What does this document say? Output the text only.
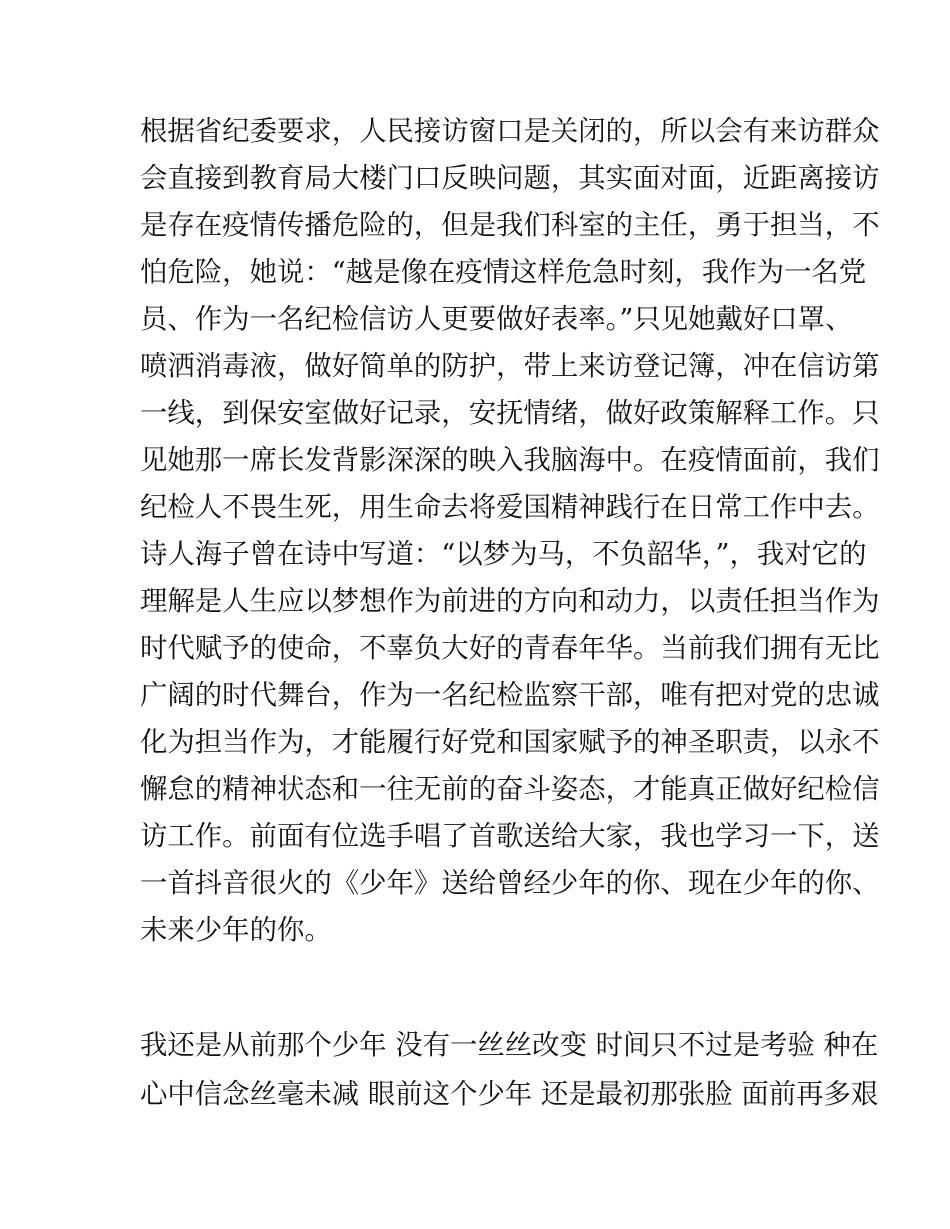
根据省纪委要求，人民接访窗口是关闭的，所以会有来访群众
会直接到教育局大楼门口反映问题，其实面对面，近距离接访
是存在疫情传播危险的，但是我们科室的主任，勇于担当，不
怕危险，她说：“越是像在疫情这样危急时刻，我作为一名党
员、作为一名纪检信访人更要做好表率。”只见她戴好口罩、
喷洒消毒液，做好简单的防护，带上来访登记簿，冲在信访第
一线，到保安室做好记录，安抚情绪，做好政策解释工作。只
见她那一席长发背影深深的映入我脑海中。在疫情面前，我们
纪检人不畏生死，用生命去将爱国精神践行在日常工作中去。
诗人海子曾在诗中写道：“以梦为马，不负韶华，”，我对它的
理解是人生应以梦想作为前进的方向和动力，以责任担当作为
时代赋予的使命，不辜负大好的青春年华。当前我们拥有无比
广阔的时代舞台，作为一名纪检监察干部，唯有把对党的忠诚
化为担当作为，才能履行好党和国家赋予的神圣职责，以永不
懈怠的精神状态和一往无前的奋斗姿态，才能真正做好纪检信
访工作。前面有位选手唱了首歌送给大家，我也学习一下，送
一首抖音很火的《少年》送给曾经少年的你、现在少年的你、
未来少年的你。
我还是从前那个少年 没有一丝丝改变 时间只不过是考验 种在
心中信念丝毫未减 眼前这个少年 还是最初那张脸 面前再多艰
